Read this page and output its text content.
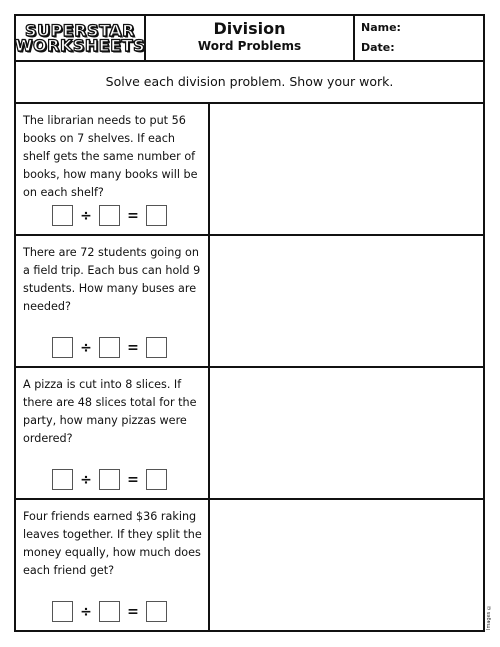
SUPERSTAR
WORKSHEETS
Division
Word Problems
Name:
Date:
Solve each division problem. Show your work.
The librarian needs to put 56 books on 7 shelves. If each shelf gets the same number of books, how many books will be on each shelf?
÷	=
There are 72 students going on a field trip. Each bus can hold 9 students. How many buses are needed?
÷	=
A pizza is cut into 8 slices. If there are 48 slices total for the party, how many pizzas were ordered?
÷	=
Four friends earned $36 raking leaves together. If they split the money equally, how much does each friend get?
÷	=	Images ©
